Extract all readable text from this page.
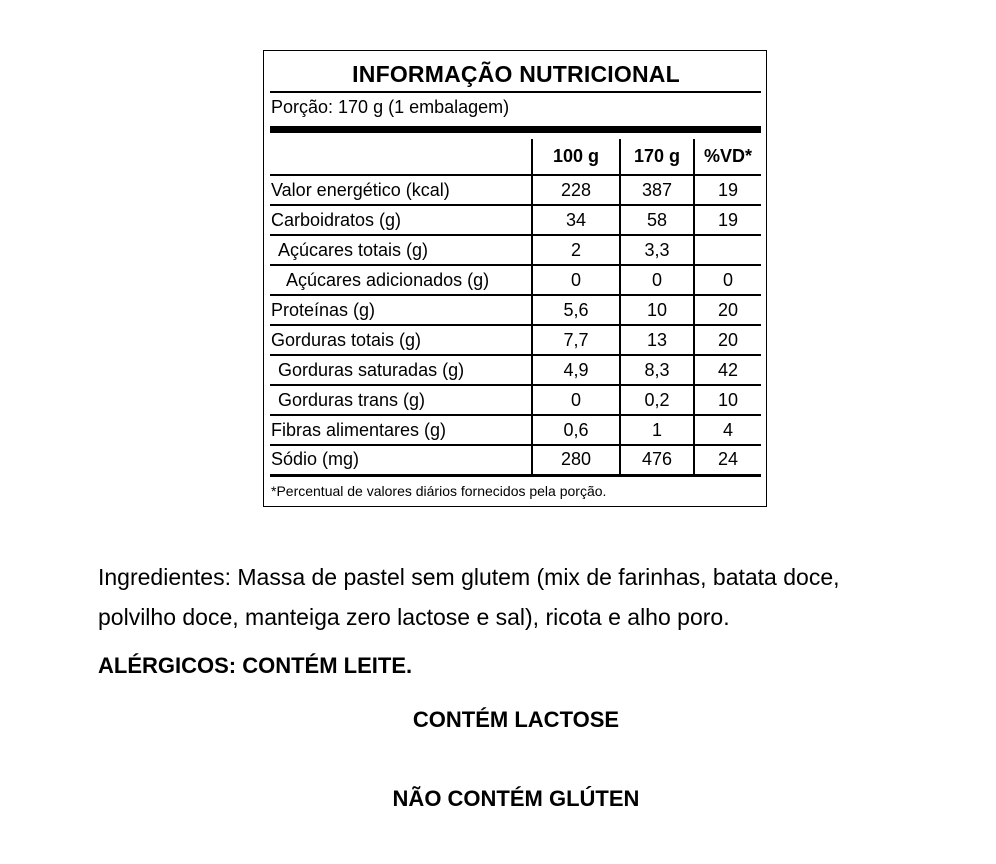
INFORMAÇÃO NUTRICIONAL
Porção: 170 g (1 embalagem)
	100 g	170 g	%VD*
Valor energético (kcal)	228	387	19
Carboidratos (g)	34	58	19
Açúcares totais (g)	2	3,3	
Açúcares adicionados (g)	0	0	0
Proteínas (g)	5,6	10	20
Gorduras totais (g)	7,7	13	20
Gorduras saturadas (g)	4,9	8,3	42
Gorduras trans (g)	0	0,2	10
Fibras alimentares (g)	0,6	1	4
Sódio (mg)	280	476	24
*Percentual de valores diários fornecidos pela porção.
Ingredientes: Massa de pastel sem glutem (mix de farinhas, batata doce, polvilho doce, manteiga zero lactose e sal), ricota e alho poro.
ALÉRGICOS: CONTÉM LEITE.
CONTÉM LACTOSE
NÃO CONTÉM GLÚTEN
